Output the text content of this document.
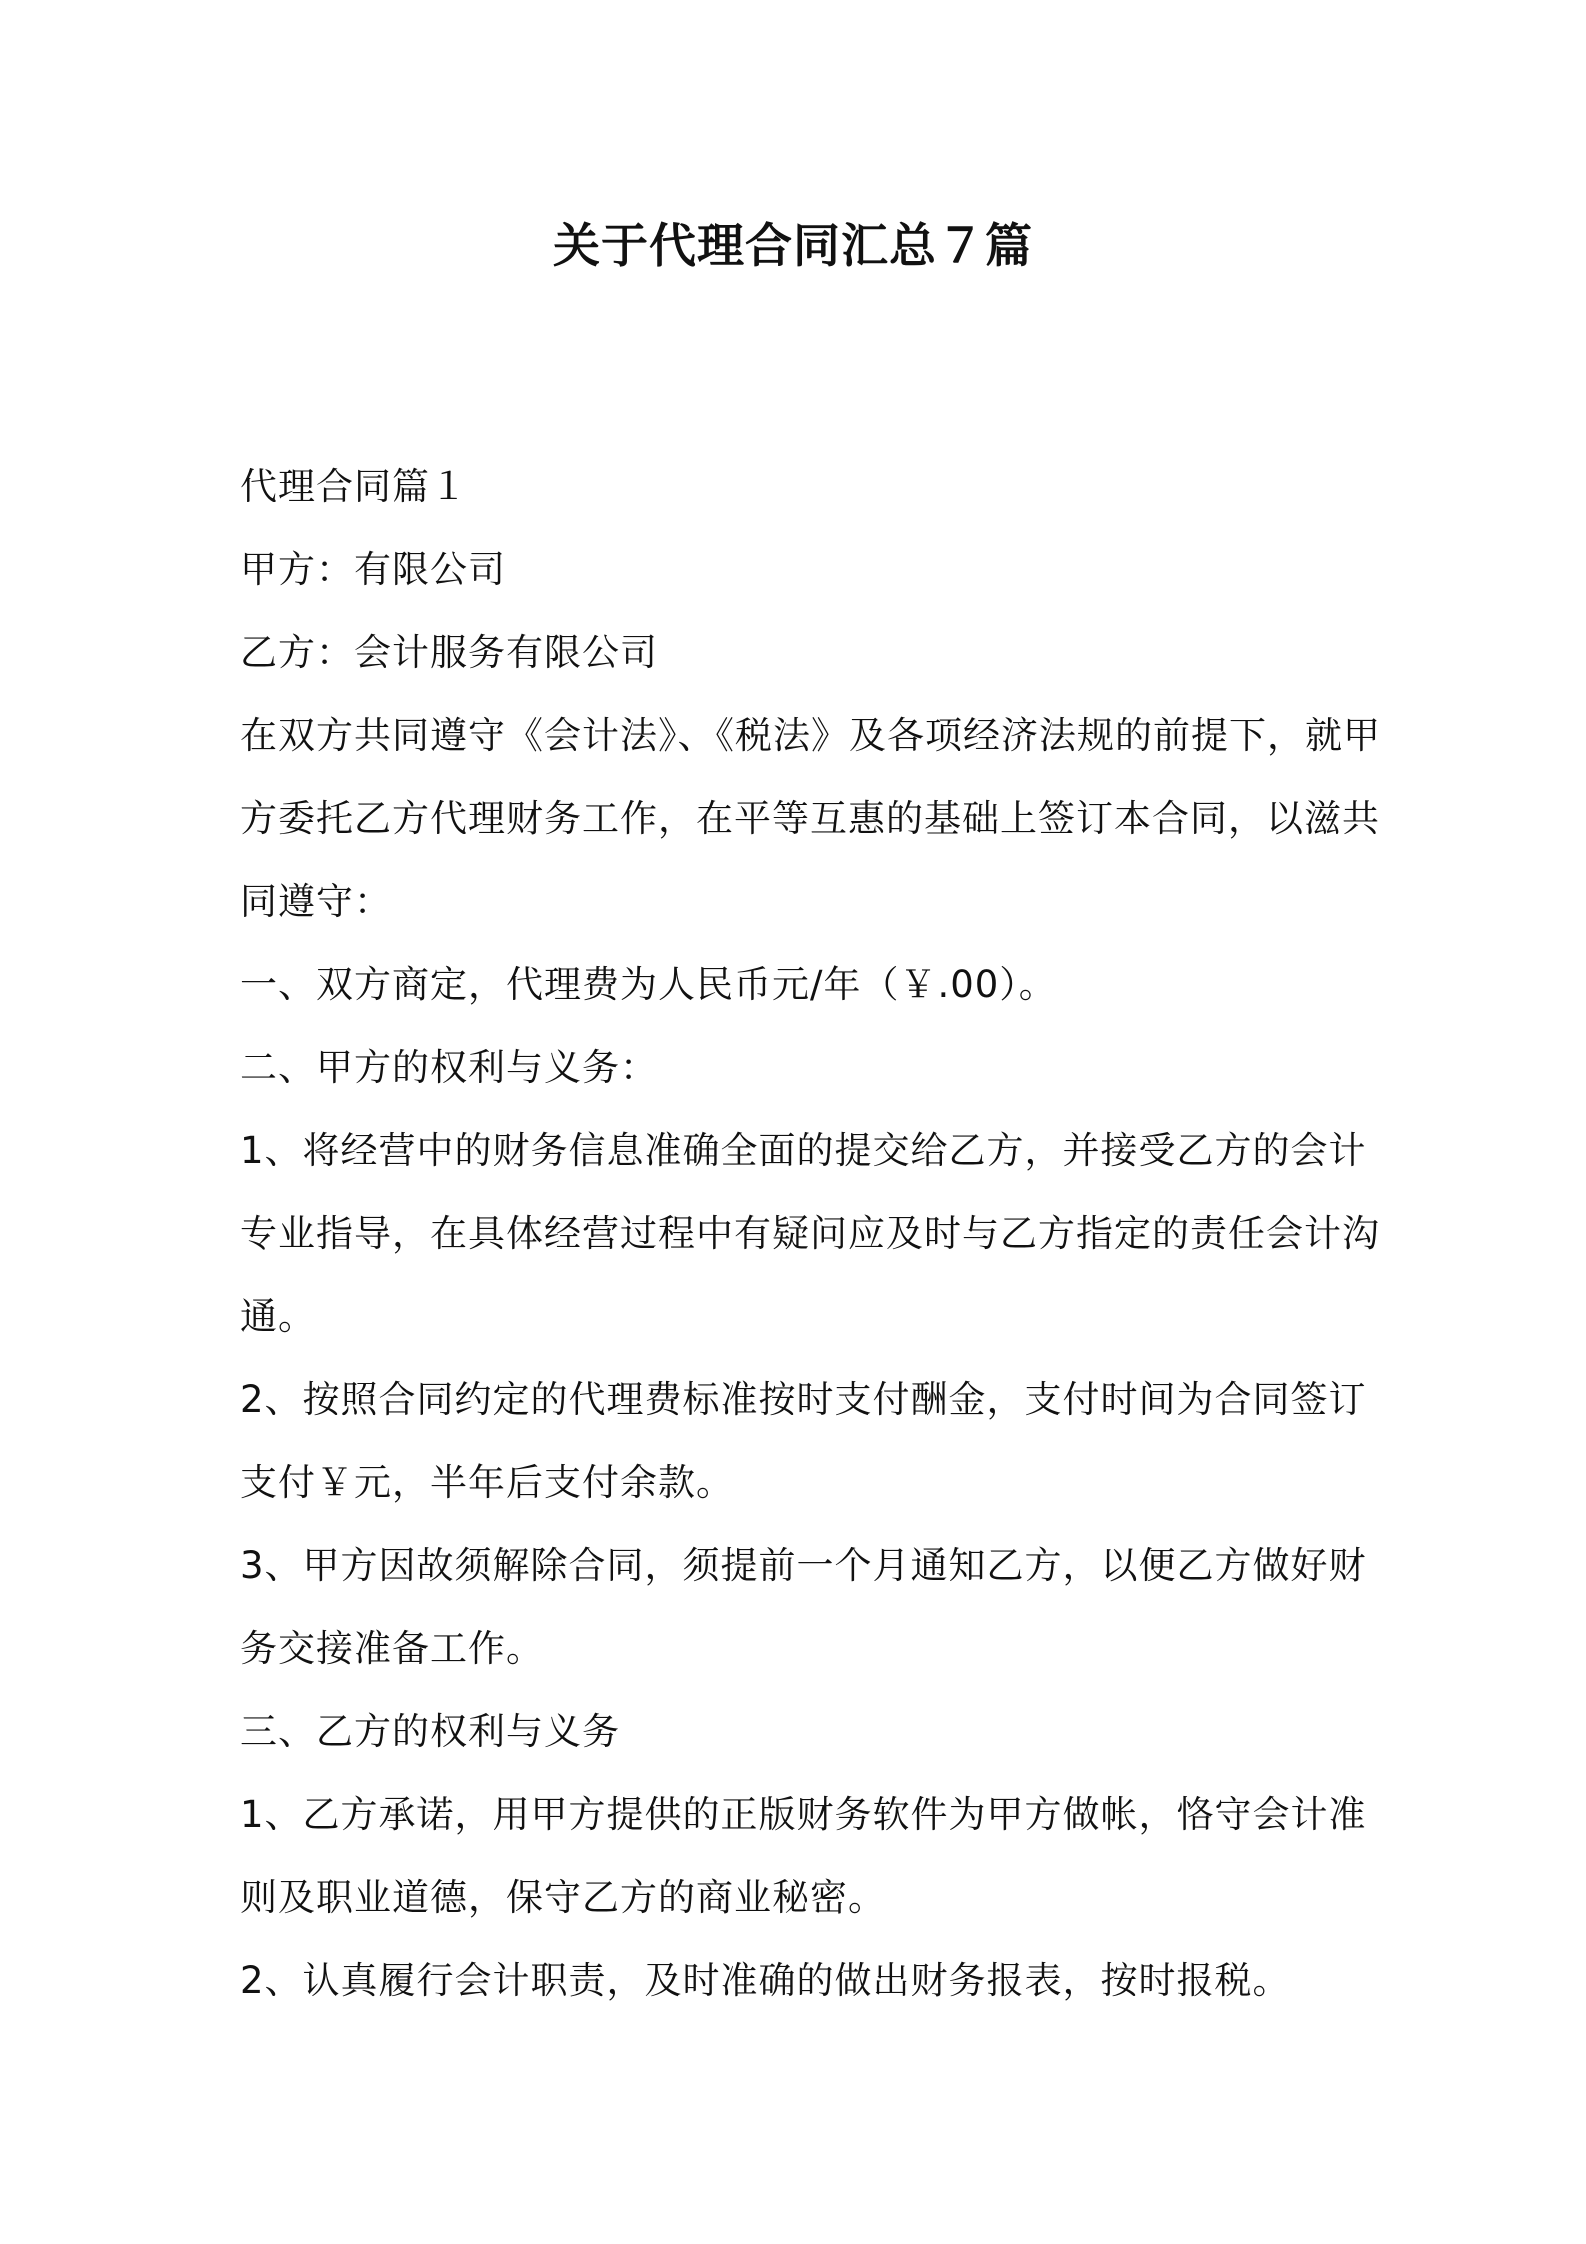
关于代理合同汇总７篇

代理合同篇１

甲方：有限公司

乙方：会计服务有限公司

在双方共同遵守《会计法》、《税法》及各项经济法规的前提下，就甲

方委托乙方代理财务工作，在平等互惠的基础上签订本合同，以滋共

同遵守：

一、双方商定，代理费为人民币元/年（￥.00）。

二、甲方的权利与义务：

1、将经营中的财务信息准确全面的提交给乙方，并接受乙方的会计

专业指导，在具体经营过程中有疑问应及时与乙方指定的责任会计沟

通。

2、按照合同约定的代理费标准按时支付酬金，支付时间为合同签订

支付￥元，半年后支付余款。

3、甲方因故须解除合同，须提前一个月通知乙方，以便乙方做好财

务交接准备工作。

三、乙方的权利与义务

1、乙方承诺，用甲方提供的正版财务软件为甲方做帐，恪守会计准

则及职业道德，保守乙方的商业秘密。

2、认真履行会计职责，及时准确的做出财务报表，按时报税。
